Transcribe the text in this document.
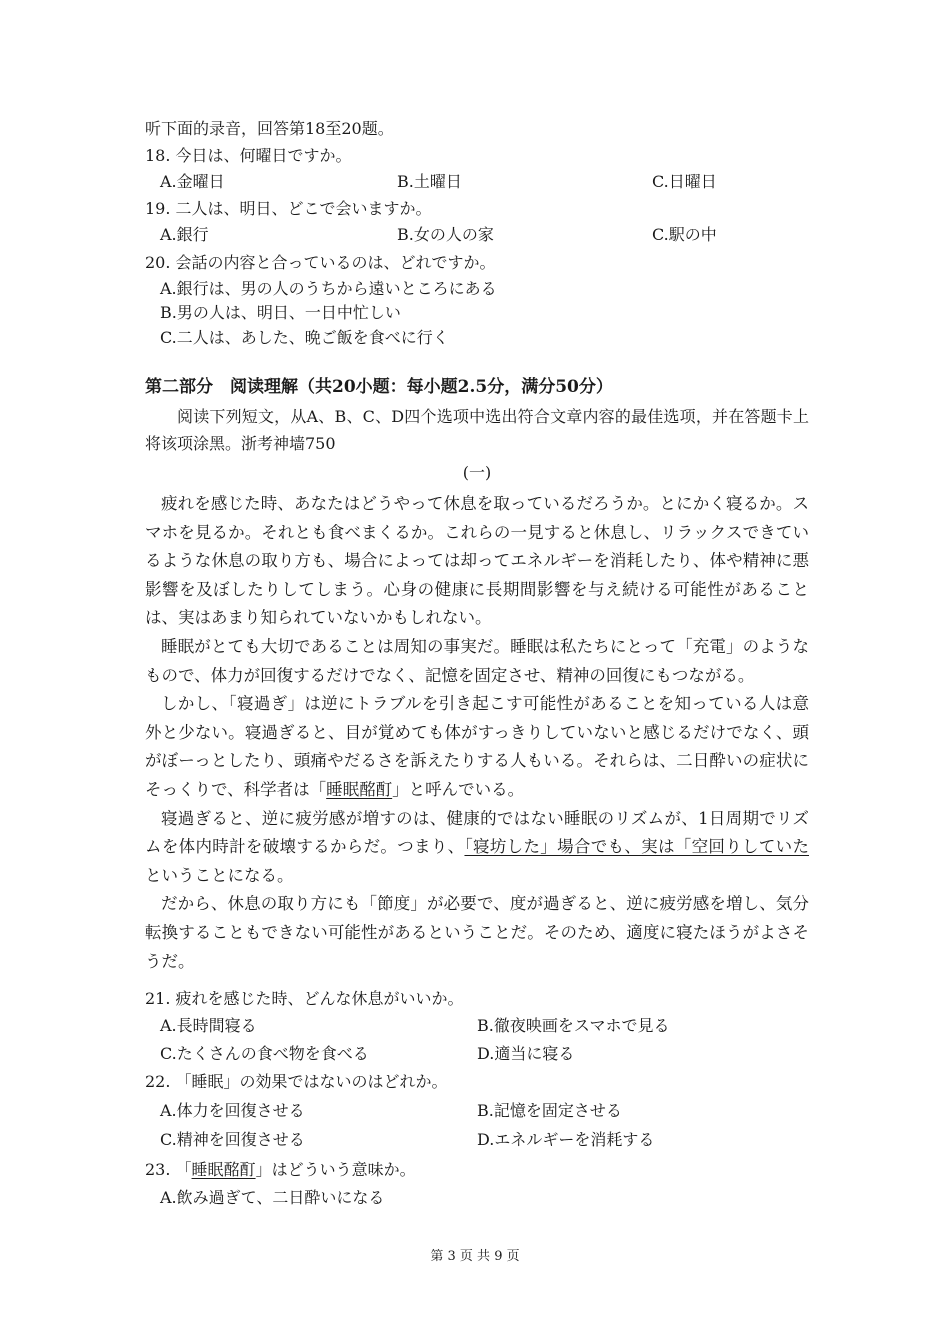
听下面的录音，回答第18至20题。
18. 今日は、何曜日ですか。
A.金曜日	B.土曜日	C.日曜日
19. 二人は、明日、どこで会いますか。
A.銀行	B.女の人の家	C.駅の中
20. 会話の内容と合っているのは、どれですか。
A.銀行は、男の人のうちから遠いところにある
B.男の人は、明日、一日中忙しい
C.二人は、あした、晩ご飯を食べに行く
第二部分　阅读理解（共20小题：每小题2.5分，满分50分）
阅读下列短文，从A、B、C、D四个选项中选出符合文章内容的最佳选项，并在答题卡上将该项涂黑。浙考神墙750
(一)

疲れを感じた時、あなたはどうやって休息を取っているだろうか。とにかく寝るか。スマホを見るか。それとも食べまくるか。これらの一見すると休息し、リラックスできているような休息の取り方も、場合によっては却ってエネルギーを消耗したり、体や精神に悪影響を及ぼしたりしてしまう。心身の健康に長期間影響を与え続ける可能性があることは、実はあまり知られていないかもしれない。

睡眠がとても大切であることは周知の事実だ。睡眠は私たちにとって「充電」のようなもので、体力が回復するだけでなく、記憶を固定させ、精神の回復にもつながる。

しかし、「寝過ぎ」は逆にトラブルを引き起こす可能性があることを知っている人は意外と少ない。寝過ぎると、目が覚めても体がすっきりしていないと感じるだけでなく、頭がぼーっとしたり、頭痛やだるさを訴えたりする人もいる。それらは、二日酔いの症状にそっくりで、科学者は「睡眠酩酊」と呼んでいる。

寝過ぎると、逆に疲労感が増すのは、健康的ではない睡眠のリズムが、1日周期でリズムを体内時計を破壊するからだ。つまり、「寝坊した」場合でも、実は「空回りしていたということになる。

だから、休息の取り方にも「節度」が必要で、度が過ぎると、逆に疲労感を増し、気分転換することもできない可能性があるということだ。そのため、適度に寝たほうがよさそうだ。

21. 疲れを感じた時、どんな休息がいいか。
A.長時間寝る	B.徹夜映画をスマホで見る
C.たくさんの食べ物を食べる	D.適当に寝る
22. 「睡眠」の効果ではないのはどれか。
A.体力を回復させる	B.記憶を固定させる
C.精神を回復させる	D.エネルギーを消耗する
23. 「睡眠酩酊」はどういう意味か。
A.飲み過ぎて、二日酔いになる
第 3 页 共 9 页
